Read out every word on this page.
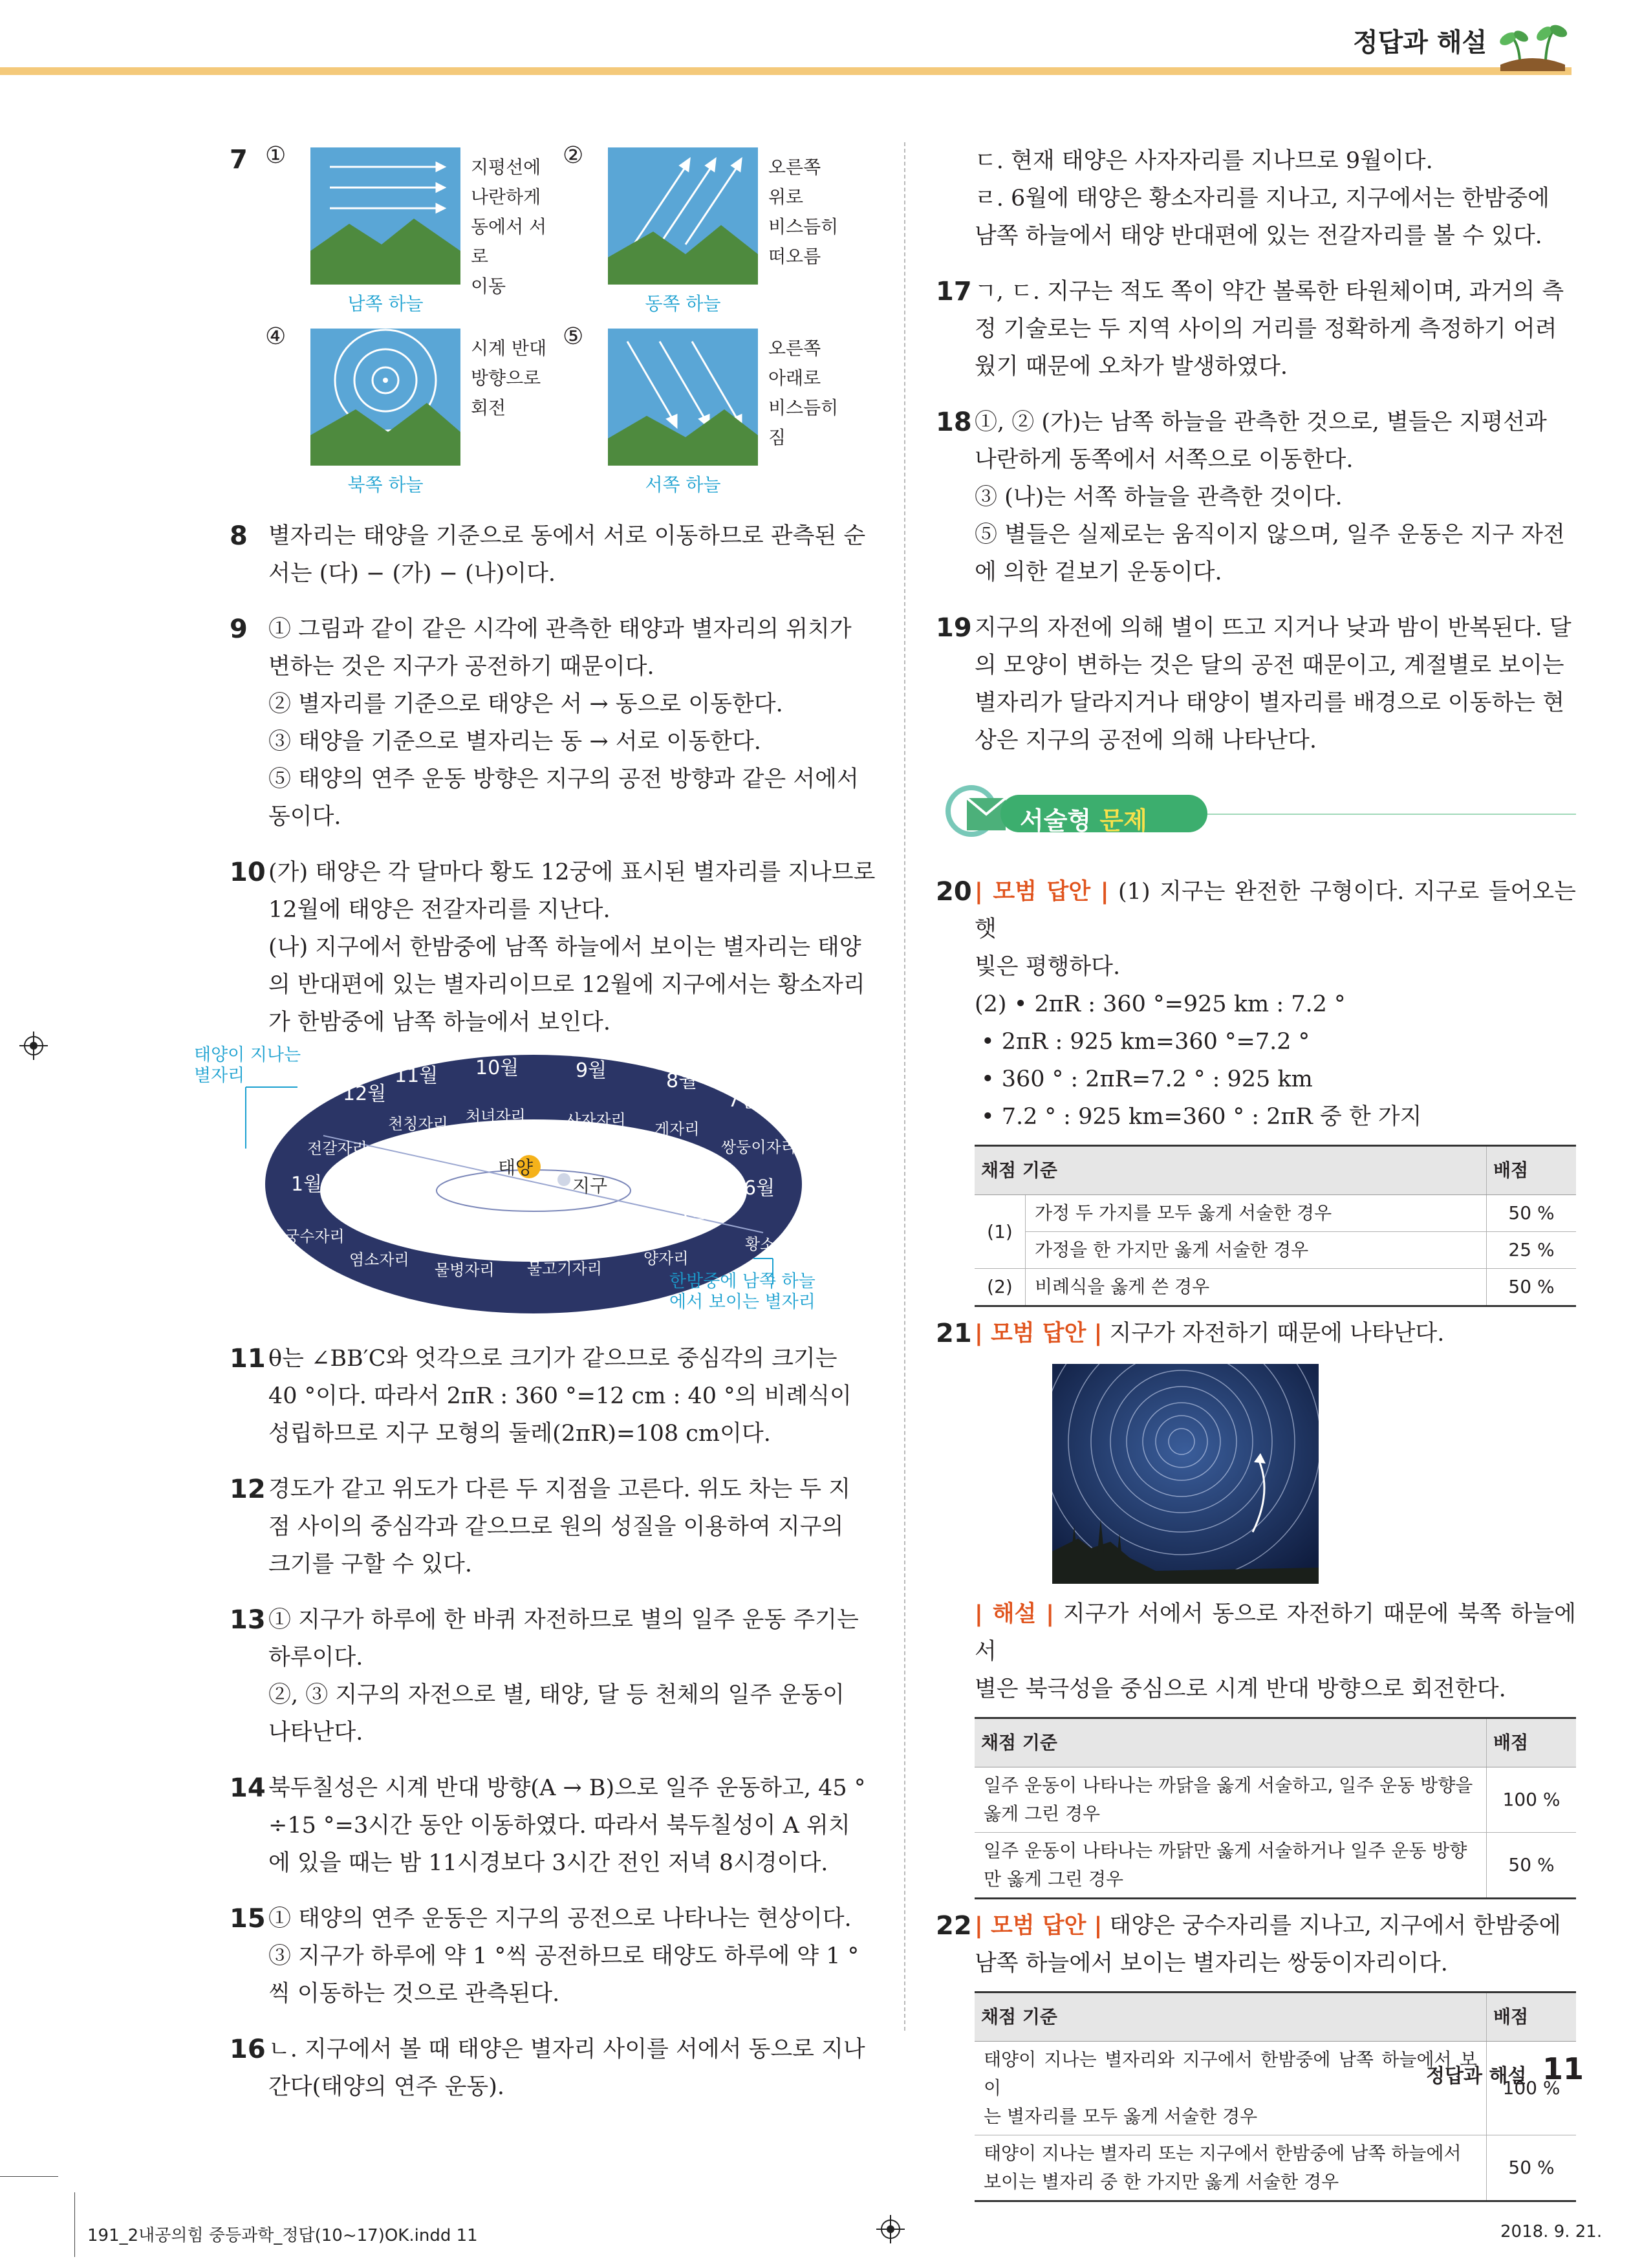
정답과 해설
7 ①	지평선에
나란하게
동에서 서로
이동
남쪽 하늘
②	오른쪽
위로
비스듬히
떠오름
동쪽 하늘
④	시계 반대
방향으로
회전
북쪽 하늘
⑤	오른쪽
아래로
비스듬히 짐
서쪽 하늘
8 별자리는 태양을 기준으로 동에서 서로 이동하므로 관측된 순
서는 (다) − (가) − (나)이다.
9 ① 그림과 같이 같은 시각에 관측한 태양과 별자리의 위치가
변하는 것은 지구가 공전하기 때문이다.
② 별자리를 기준으로 태양은 서 → 동으로 이동한다.
③ 태양을 기준으로 별자리는 동 → 서로 이동한다.
⑤ 태양의 연주 운동 방향은 지구의 공전 방향과 같은 서에서
동이다.
10 (가) 태양은 각 달마다 황도 12궁에 표시된 별자리를 지나므로
12월에 태양은 전갈자리를 지난다.
(나) 지구에서 한밤중에 남쪽 하늘에서 보이는 별자리는 태양
의 반대편에 있는 별자리이므로 12월에 지구에서는 황소자리
가 한밤중에 남쪽 하늘에서 보인다.
태양이 지나는
별자리
한밤중에 남쪽 하늘
에서 보이는 별자리
태양
지구
10월	9월	8월
11월
12월	7월
1월	6월
2월	3월	4월	5월
처녀자리	사자자리
천칭자리	게자리
전갈자리	쌍둥이자리
궁수자리	황소자리
염소자리
물병자리 물고기자리
양자리
11 θ는 ∠BB′C와 엇각으로 크기가 같으므로 중심각의 크기는
40 °이다. 따라서 2πR : 360 °=12 cm : 40 °의 비례식이
성립하므로 지구 모형의 둘레(2πR)=108 cm이다.
12 경도가 같고 위도가 다른 두 지점을 고른다. 위도 차는 두 지
점 사이의 중심각과 같으므로 원의 성질을 이용하여 지구의
크기를 구할 수 있다.
13 ① 지구가 하루에 한 바퀴 자전하므로 별의 일주 운동 주기는
하루이다.
②, ③ 지구의 자전으로 별, 태양, 달 등 천체의 일주 운동이
나타난다.
14 북두칠성은 시계 반대 방향(A → B)으로 일주 운동하고, 45 °
÷15 °=3시간 동안 이동하였다. 따라서 북두칠성이 A 위치
에 있을 때는 밤 11시경보다 3시간 전인 저녁 8시경이다.
15 ① 태양의 연주 운동은 지구의 공전으로 나타나는 현상이다.
③ 지구가 하루에 약 1 °씩 공전하므로 태양도 하루에 약 1 °
씩 이동하는 것으로 관측된다.
16 ㄴ. 지구에서 볼 때 태양은 별자리 사이를 서에서 동으로 지나
간다(태양의 연주 운동).
ㄷ. 현재 태양은 사자자리를 지나므로 9월이다.
ㄹ. 6월에 태양은 황소자리를 지나고, 지구에서는 한밤중에
남쪽 하늘에서 태양 반대편에 있는 전갈자리를 볼 수 있다.
17 ㄱ, ㄷ. 지구는 적도 쪽이 약간 볼록한 타원체이며, 과거의 측
정 기술로는 두 지역 사이의 거리를 정확하게 측정하기 어려
웠기 때문에 오차가 발생하였다.
18 ①, ② (가)는 남쪽 하늘을 관측한 것으로, 별들은 지평선과
나란하게 동쪽에서 서쪽으로 이동한다.
③ (나)는 서쪽 하늘을 관측한 것이다.
⑤ 별들은 실제로는 움직이지 않으며, 일주 운동은 지구 자전
에 의한 겉보기 운동이다.
19 지구의 자전에 의해 별이 뜨고 지거나 낮과 밤이 반복된다. 달
의 모양이 변하는 것은 달의 공전 때문이고, 계절별로 보이는
별자리가 달라지거나 태양이 별자리를 배경으로 이동하는 현
상은 지구의 공전에 의해 나타난다.
서술형 문제
20 | 모범 답안 | (1) 지구는 완전한 구형이다. 지구로 들어오는 햇
빛은 평행하다.
(2) • 2πR : 360 °=925 km : 7.2 °
• 2πR : 925 km=360 °=7.2 °
• 360 ° : 2πR=7.2 ° : 925 km
• 7.2 ° : 925 km=360 ° : 2πR 중 한 가지
채점 기준		배점
(1)	가정 두 가지를 모두 옳게 서술한 경우	50 %
	가정을 한 가지만 옳게 서술한 경우	25 %
(2)	비례식을 옳게 쓴 경우	50 %
21 | 모범 답안 | 지구가 자전하기 때문에 나타난다.
| 해설 | 지구가 서에서 동으로 자전하기 때문에 북쪽 하늘에서
별은 북극성을 중심으로 시계 반대 방향으로 회전한다.
채점 기준	배점

일주 운동이 나타나는 까닭을 옳게 서술하고, 일주 운동 방향을
옳게 그린 경우	100 %

일주 운동이 나타나는 까닭만 옳게 서술하거나 일주 운동 방향
만 옳게 그린 경우	50 %
22 | 모범 답안 | 태양은 궁수자리를 지나고, 지구에서 한밤중에
남쪽 하늘에서 보이는 별자리는 쌍둥이자리이다.
채점 기준	배점

태양이 지나는 별자리와 지구에서 한밤중에 남쪽 하늘에서 보이
는 별자리를 모두 옳게 서술한 경우	100 %

태양이 지나는 별자리 또는 지구에서 한밤중에 남쪽 하늘에서
보이는 별자리 중 한 가지만 옳게 서술한 경우	50 %
정답과 해설 11
191_2내공의힘 중등과학_정답(10~17)OK.indd 11	2018. 9. 21.
